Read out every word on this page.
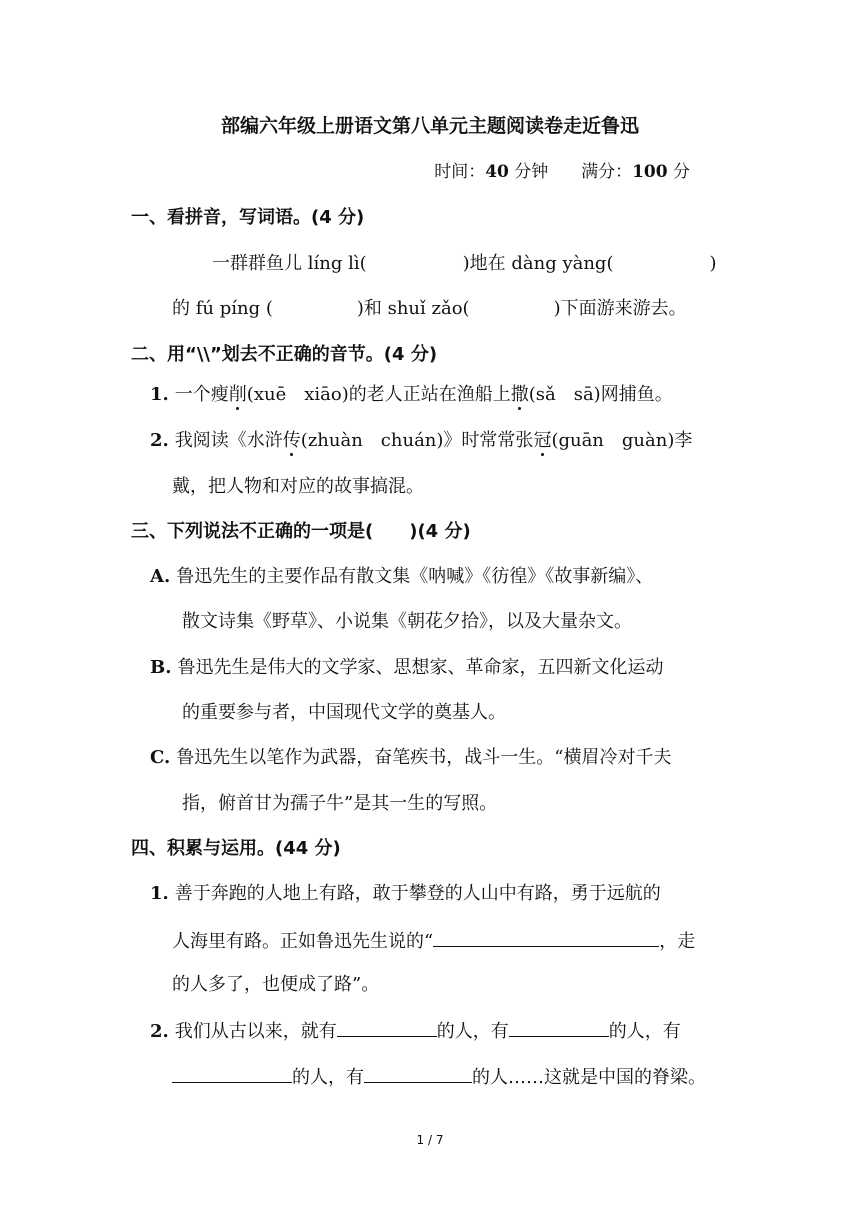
部编六年级上册语文第八单元主题阅读卷走近鲁迅
时间：40 分钟 满分：100 分
一、看拼音，写词语。(4 分)
一群群鱼儿 líng lì(	)地在 dàng yàng(	)
的 fú píng (	)和 shuǐ zǎo(	)下面游来游去。
二、用“\\”划去不正确的音节。(4 分)
1. 一个瘦削(xuē　xiāo)的老人正站在渔船上撒(sǎ　sā)网捕鱼。
2. 我阅读《水浒传(zhuàn　chuán)》时常常张冠(guān　guàn)李
戴，把人物和对应的故事搞混。
三、下列说法不正确的一项是(　　)(4 分)
A. 鲁迅先生的主要作品有散文集《呐喊》《彷徨》《故事新编》、
散文诗集《野草》、小说集《朝花夕拾》，以及大量杂文。
B. 鲁迅先生是伟大的文学家、思想家、革命家，五四新文化运动
的重要参与者，中国现代文学的奠基人。
C. 鲁迅先生以笔作为武器，奋笔疾书，战斗一生。“横眉冷对千夫
指，俯首甘为孺子牛”是其一生的写照。
四、积累与运用。(44 分)
1. 善于奔跑的人地上有路，敢于攀登的人山中有路，勇于远航的
人海里有路。正如鲁迅先生说的“	，走
的人多了，也便成了路”。
2. 我们从古以来，就有	的人，有	的人，有
的人，有	的人……这就是中国的脊梁。
1 / 7
